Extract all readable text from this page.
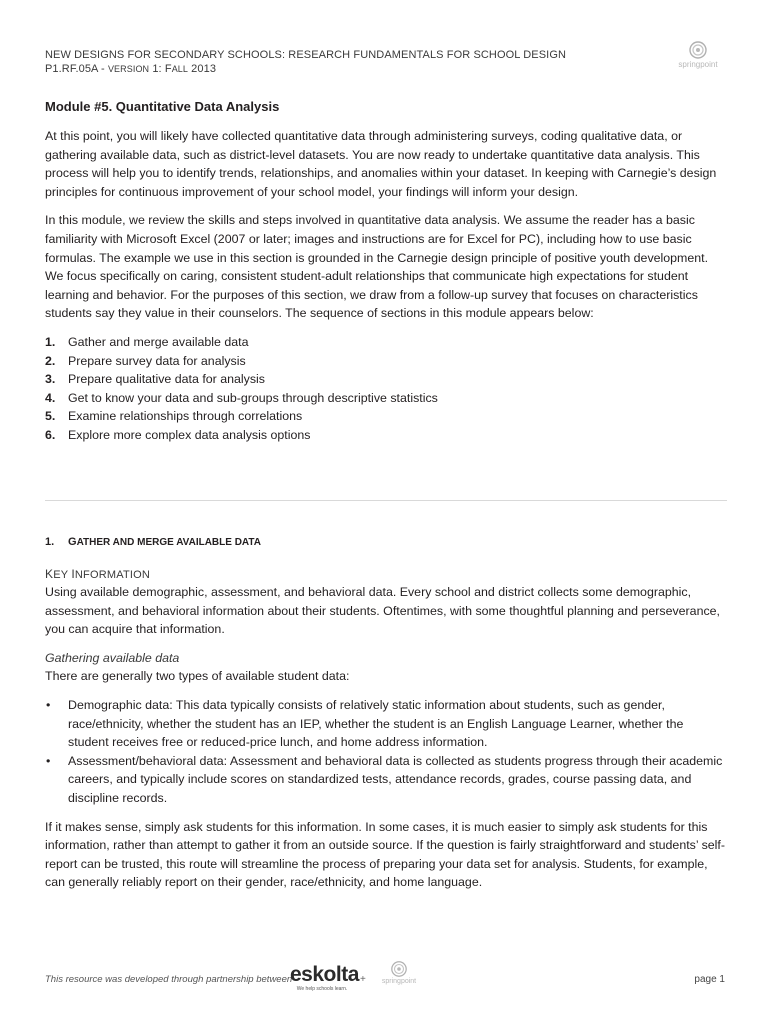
NEW DESIGNS FOR SECONDARY SCHOOLS: RESEARCH FUNDAMENTALS FOR SCHOOL DESIGN
P1.RF.05A - VERSION 1: FALL 2013	springpoint
Module #5. Quantitative Data Analysis

At this point, you will likely have collected quantitative data through administering surveys, coding qualitative data, or gathering available data, such as district-level datasets. You are now ready to undertake quantitative data analysis. This process will help you to identify trends, relationships, and anomalies within your dataset. In keeping with Carnegie’s design principles for continuous improvement of your school model, your findings will inform your design.

In this module, we review the skills and steps involved in quantitative data analysis. We assume the reader has a basic familiarity with Microsoft Excel (2007 or later; images and instructions are for Excel for PC), including how to use basic formulas. The example we use in this section is grounded in the Carnegie design principle of positive youth development. We focus specifically on caring, consistent student-adult relationships that communicate high expectations for student learning and behavior. For the purposes of this section, we draw from a follow-up survey that focuses on characteristics students say they value in their counselors. The sequence of sections in this module appears below:

1.	Gather and merge available data
2.	Prepare survey data for analysis
3.	Prepare qualitative data for analysis
4.	Get to know your data and sub-groups through descriptive statistics
5.	Examine relationships through correlations
6.	Explore more complex data analysis options
1.	GATHER AND MERGE AVAILABLE DATA
KEY INFORMATION

Using available demographic, assessment, and behavioral data. Every school and district collects some demographic, assessment, and behavioral information about their students. Oftentimes, with some thoughtful planning and perseverance, you can acquire that information.

Gathering available data

There are generally two types of available student data:

•	Demographic data: This data typically consists of relatively static information about students, such as gender, race/ethnicity, whether the student has an IEP, whether the student is an English Language Learner, whether the student receives free or reduced-price lunch, and home address information.
•	Assessment/behavioral data: Assessment and behavioral data is collected as students progress through their academic careers, and typically include scores on standardized tests, attendance records, grades, course passing data, and discipline records.

If it makes sense, simply ask students for this information. In some cases, it is much easier to simply ask students for this information, rather than attempt to gather it from an outside source. If the question is fairly straightforward and students’ self-report can be trusted, this route will streamline the process of preparing your data set for analysis. Students, for example, can generally reliably report on their gender, race/ethnicity, and home language.

This resource was developed through partnership between
eskolta
We help schools learn.
+	springpoint	page 1
